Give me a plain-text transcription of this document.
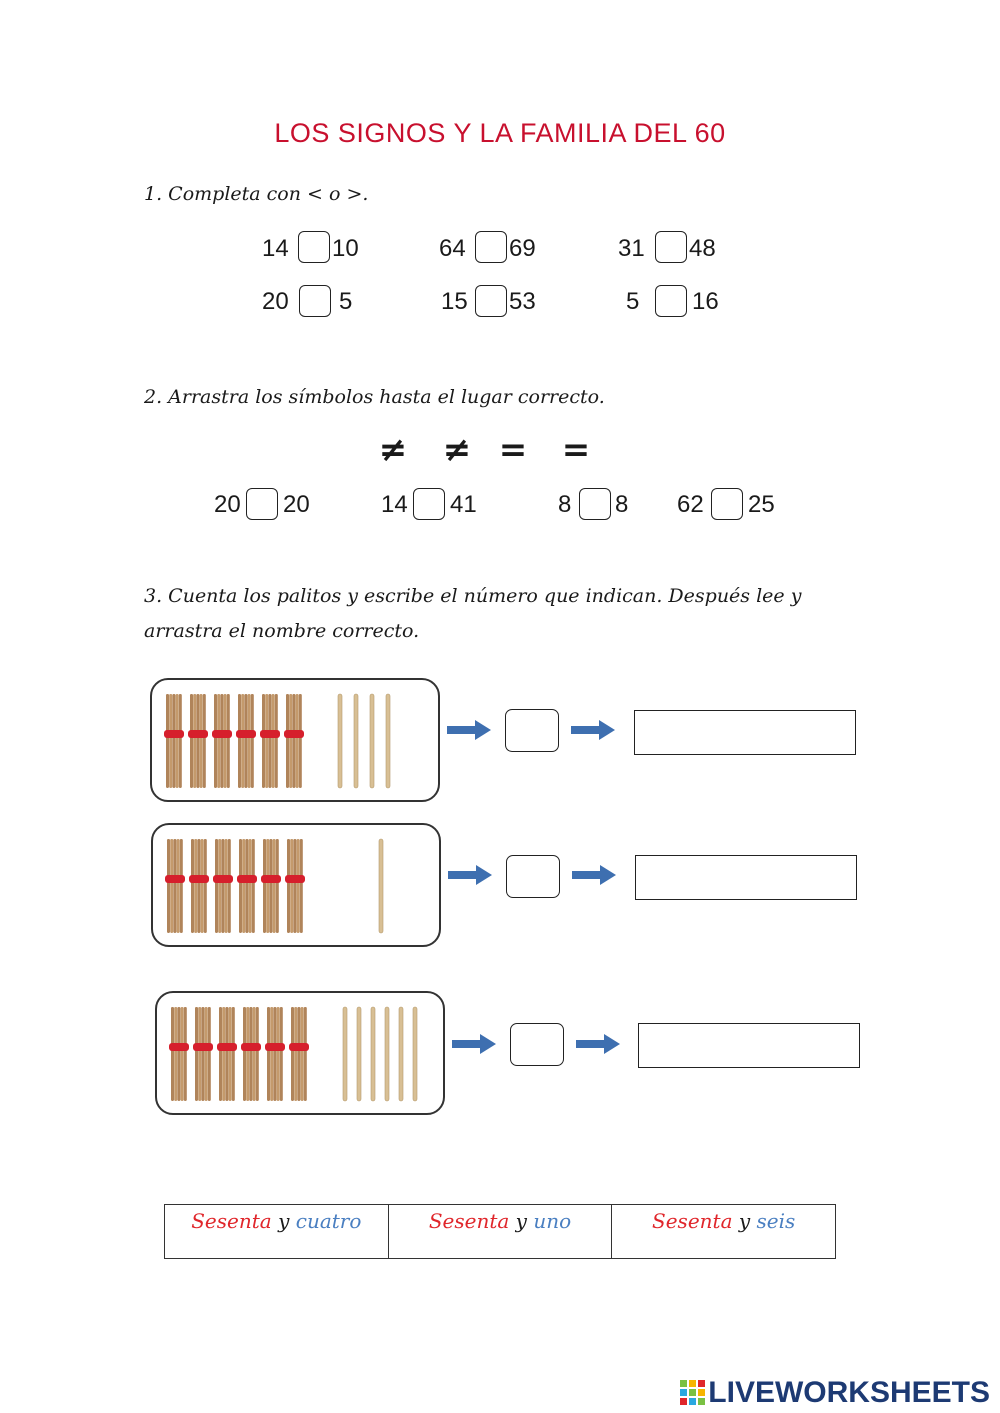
LOS SIGNOS Y LA FAMILIA DEL 60
1. Completa con < o >.
14 10	64 69	31 48
20 5	15 53	5 16
2. Arrastra los símbolos hasta el lugar correcto.
≠ ≠ = =
20 20	14 41	8 8 62 25
3. Cuenta los palitos y escribe el número que indican. Después lee y
arrastra el nombre correcto.
Sesenta y cuatro	Sesenta y uno	Sesenta y seis
LIVEWORKSHEETS
